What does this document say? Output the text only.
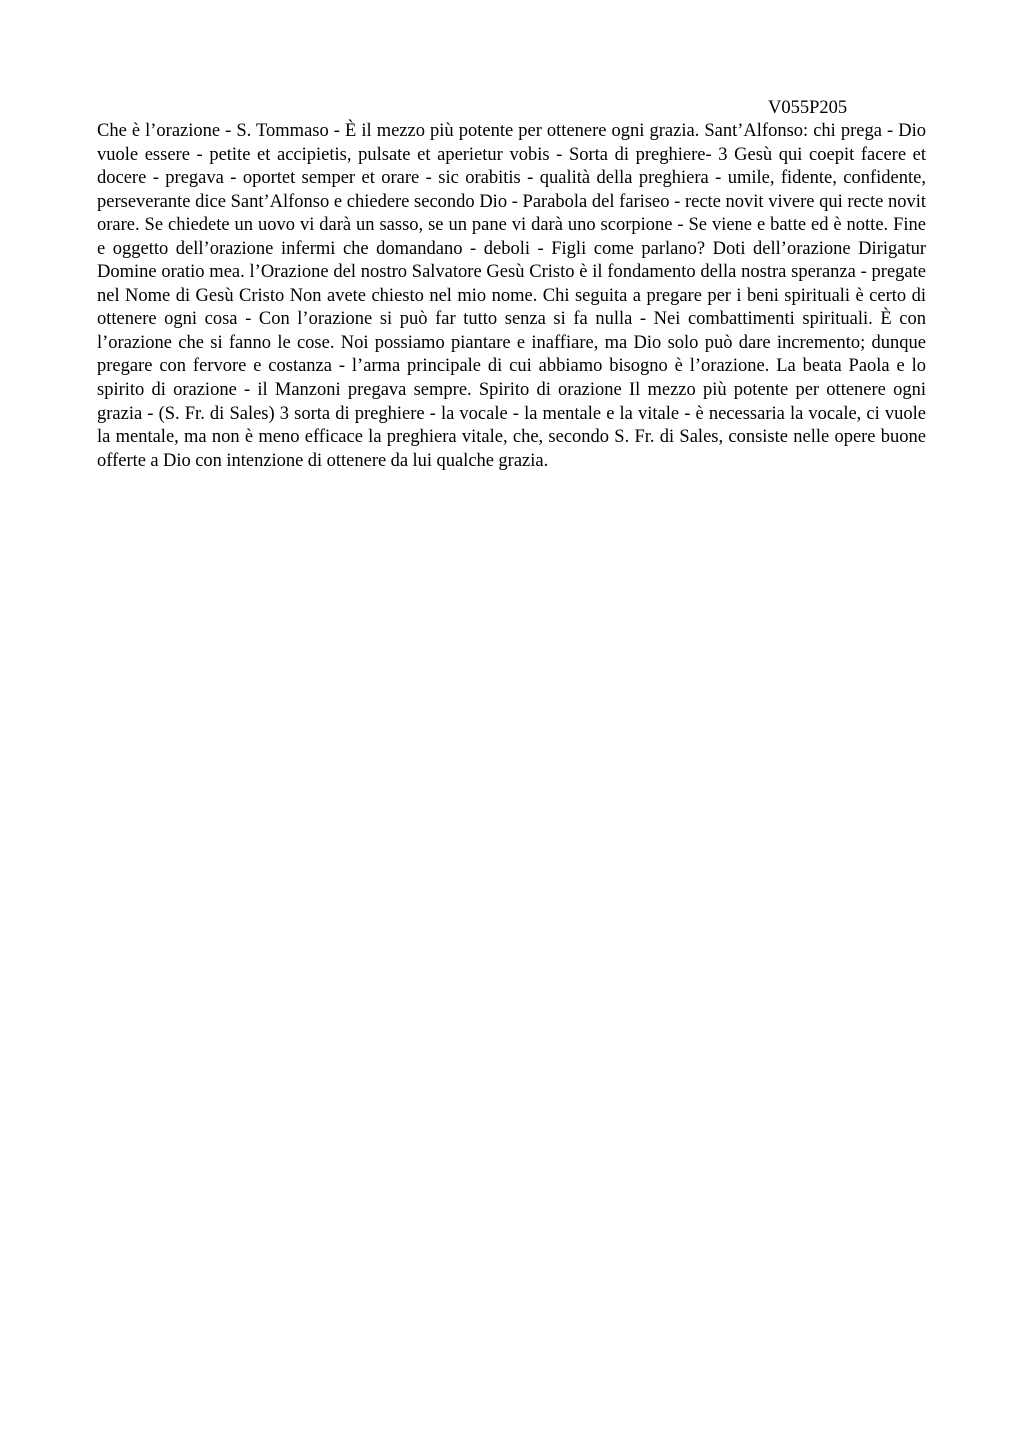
V055P205

Che è l’orazione - S. Tommaso - È il mezzo più potente per ottenere ogni grazia. Sant’Alfonso: chi prega - Dio vuole essere - petite et accipietis, pulsate et aperietur vobis - Sorta di preghiere- 3 Gesù qui coepit facere et docere - pregava - oportet semper et orare - sic orabitis - qualità della preghiera - umile, fidente, confidente, perseverante dice Sant’Alfonso e chiedere secondo Dio - Parabola del fariseo - recte novit vivere qui recte novit orare. Se chiedete un uovo vi darà un sasso, se un pane vi darà uno scorpione - Se viene e batte ed è notte. Fine e oggetto dell’orazione infermi che domandano - deboli - Figli come parlano? Doti dell’orazione Dirigatur Domine oratio mea. l’Orazione del nostro Salvatore Gesù Cristo è il fondamento della nostra speranza - pregate nel Nome di Gesù Cristo Non avete chiesto nel mio nome. Chi seguita a pregare per i beni spirituali è certo di ottenere ogni cosa - Con l’orazione si può far tutto senza si fa nulla - Nei combattimenti spirituali. È con l’orazione che si fanno le cose. Noi possiamo piantare e inaffiare, ma Dio solo può dare incremento; dunque pregare con fervore e costanza - l’arma principale di cui abbiamo bisogno è l’orazione. La beata Paola e lo spirito di orazione - il Manzoni pregava sempre. Spirito di orazione Il mezzo più potente per ottenere ogni grazia - (S. Fr. di Sales) 3 sorta di preghiere - la vocale - la mentale e la vitale - è necessaria la vocale, ci vuole la mentale, ma non è meno efficace la preghiera vitale, che, secondo S. Fr. di Sales, consiste nelle opere buone offerte a Dio con intenzione di ottenere da lui qualche grazia.
